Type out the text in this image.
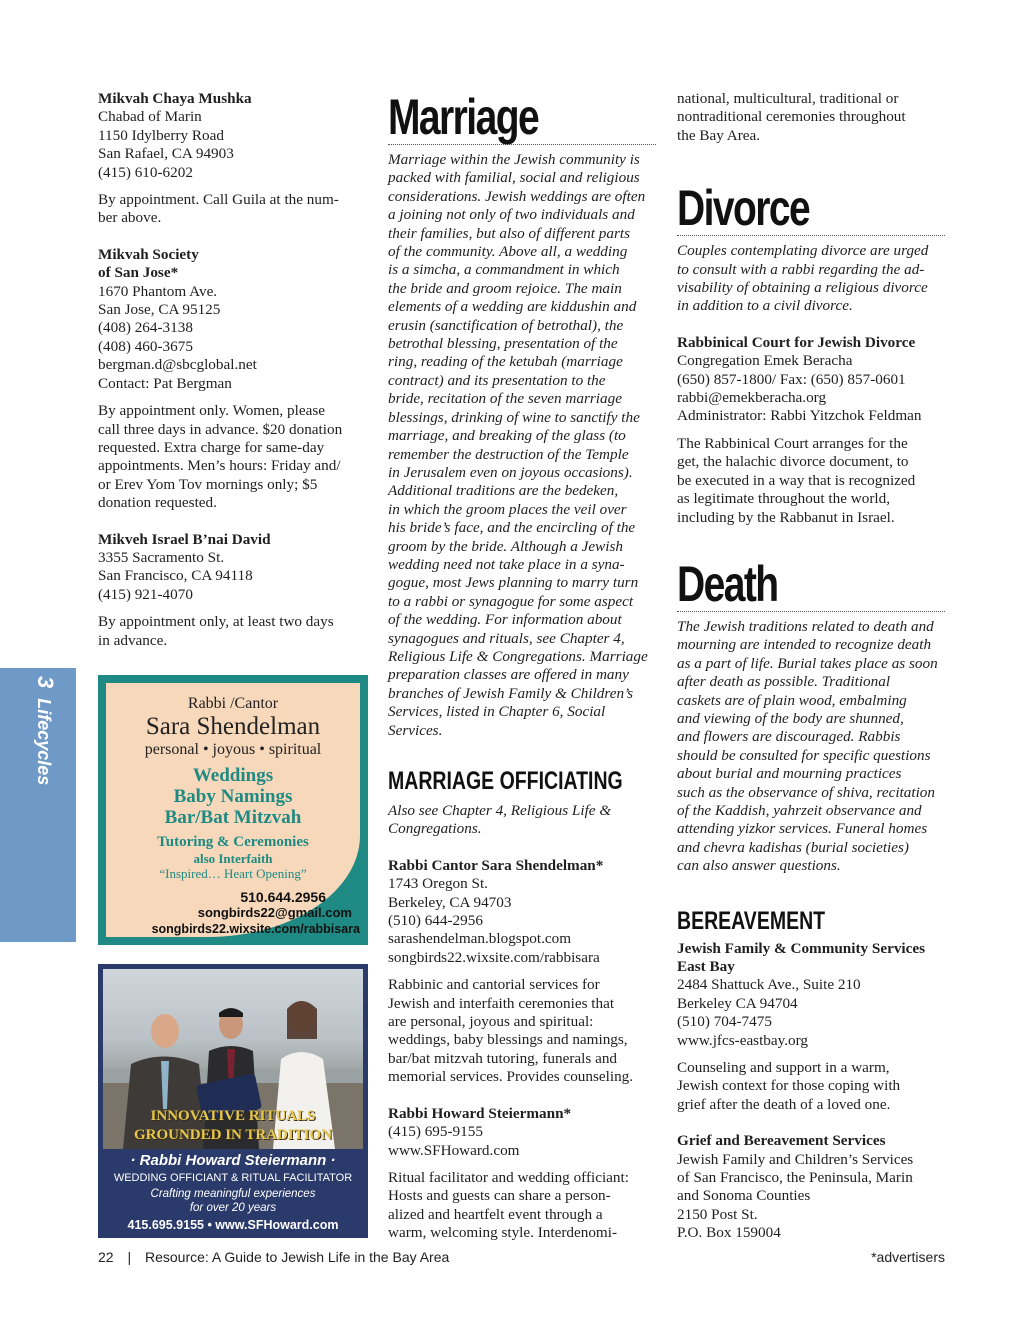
Mikvah Chaya Mushka

Chabad of Marin

1150 Idylberry Road

San Rafael, CA 94903

(415) 610-6202

By appointment. Call Guila at the num-

ber above.

Mikvah Society

of San Jose*

1670 Phantom Ave.

San Jose, CA 95125

(408) 264-3138

(408) 460-3675

bergman.d@sbcglobal.net

Contact: Pat Bergman

By appointment only. Women, please

call three days in advance. $20 donation

requested. Extra charge for same-day

appointments. Men’s hours: Friday and/

or Erev Yom Tov mornings only; $5

donation requested.

Mikveh Israel B’nai David

3355 Sacramento St.

San Francisco, CA 94118

(415) 921-4070

By appointment only, at least two days

in advance.

3Lifecycles	Rabbi /Cantor

Sara Shendelman

personal • joyous • spiritual

Weddings

Baby Namings

Bar/Bat Mitzvah

Tutoring & Ceremonies

also Interfaith

“Inspired… Heart Opening”

510.644.2956

songbirds22@gmail.com

songbirds22.wixsite.com/rabbisara

INNOVATIVE RITUALS

GROUNDED IN TRADITION

· Rabbi Howard Steiermann ·

WEDDING OFFICIANT & RITUAL FACILITATOR

Crafting meaningful experiences

for over 20 years

415.695.9155 • www.SFHoward.com

Marriage

Marriage within the Jewish community is

packed with familial, social and religious

considerations. Jewish weddings are often

a joining not only of two individuals and

their families, but also of different parts

of the community. Above all, a wedding

is a simcha, a commandment in which

the bride and groom rejoice. The main

elements of a wedding are kiddushin and

erusin (sanctification of betrothal), the

betrothal blessing, presentation of the

ring, reading of the ketubah (marriage

contract) and its presentation to the

bride, recitation of the seven marriage

blessings, drinking of wine to sanctify the

marriage, and breaking of the glass (to

remember the destruction of the Temple

in Jerusalem even on joyous occasions).

Additional traditions are the bedeken,

in which the groom places the veil over

his bride’s face, and the encircling of the

groom by the bride. Although a Jewish

wedding need not take place in a syna-

gogue, most Jews planning to marry turn

to a rabbi or synagogue for some aspect

of the wedding. For information about

synagogues and rituals, see Chapter 4,

Religious Life & Congregations. Marriage

preparation classes are offered in many

branches of Jewish Family & Children’s

Services, listed in Chapter 6, Social

Services.

MARRIAGE OFFICIATING

Also see Chapter 4, Religious Life &

Congregations.

Rabbi Cantor Sara Shendelman*

1743 Oregon St.

Berkeley, CA 94703

(510) 644-2956

sarashendelman.blogspot.com

songbirds22.wixsite.com/rabbisara

Rabbinic and cantorial services for

Jewish and interfaith ceremonies that

are personal, joyous and spiritual:

weddings, baby blessings and namings,

bar/bat mitzvah tutoring, funerals and

memorial services. Provides counseling.

Rabbi Howard Steiermann*

(415) 695-9155

www.SFHoward.com

Ritual facilitator and wedding officiant:

Hosts and guests can share a person-

alized and heartfelt event through a

warm, welcoming style. Interdenomi-

national, multicultural, traditional or

nontraditional ceremonies throughout

the Bay Area.

Divorce

Couples contemplating divorce are urged

to consult with a rabbi regarding the ad-

visability of obtaining a religious divorce

in addition to a civil divorce.

Rabbinical Court for Jewish Divorce

Congregation Emek Beracha

(650) 857-1800/ Fax: (650) 857-0601

rabbi@emekberacha.org

Administrator: Rabbi Yitzchok Feldman

The Rabbinical Court arranges for the

get, the halachic divorce document, to

be executed in a way that is recognized

as legitimate throughout the world,

including by the Rabbanut in Israel.

Death

The Jewish traditions related to death and

mourning are intended to recognize death

as a part of life. Burial takes place as soon

after death as possible. Traditional

caskets are of plain wood, embalming

and viewing of the body are shunned,

and flowers are discouraged. Rabbis

should be consulted for specific questions

about burial and mourning practices

such as the observance of shiva, recitation

of the Kaddish, yahrzeit observance and

attending yizkor services. Funeral homes

and chevra kadishas (burial societies)

can also answer questions.

BEREAVEMENT

Jewish Family & Community Services

East Bay

2484 Shattuck Ave., Suite 210

Berkeley CA 94704

(510) 704-7475

www.jfcs-eastbay.org

Counseling and support in a warm,

Jewish context for those coping with

grief after the death of a loved one.

Grief and Bereavement Services

Jewish Family and Children’s Services

of San Francisco, the Peninsula, Marin

and Sonoma Counties

2150 Post St.

P.O. Box 159004

22 | Resource: A Guide to Jewish Life in the Bay Area	*advertisers
